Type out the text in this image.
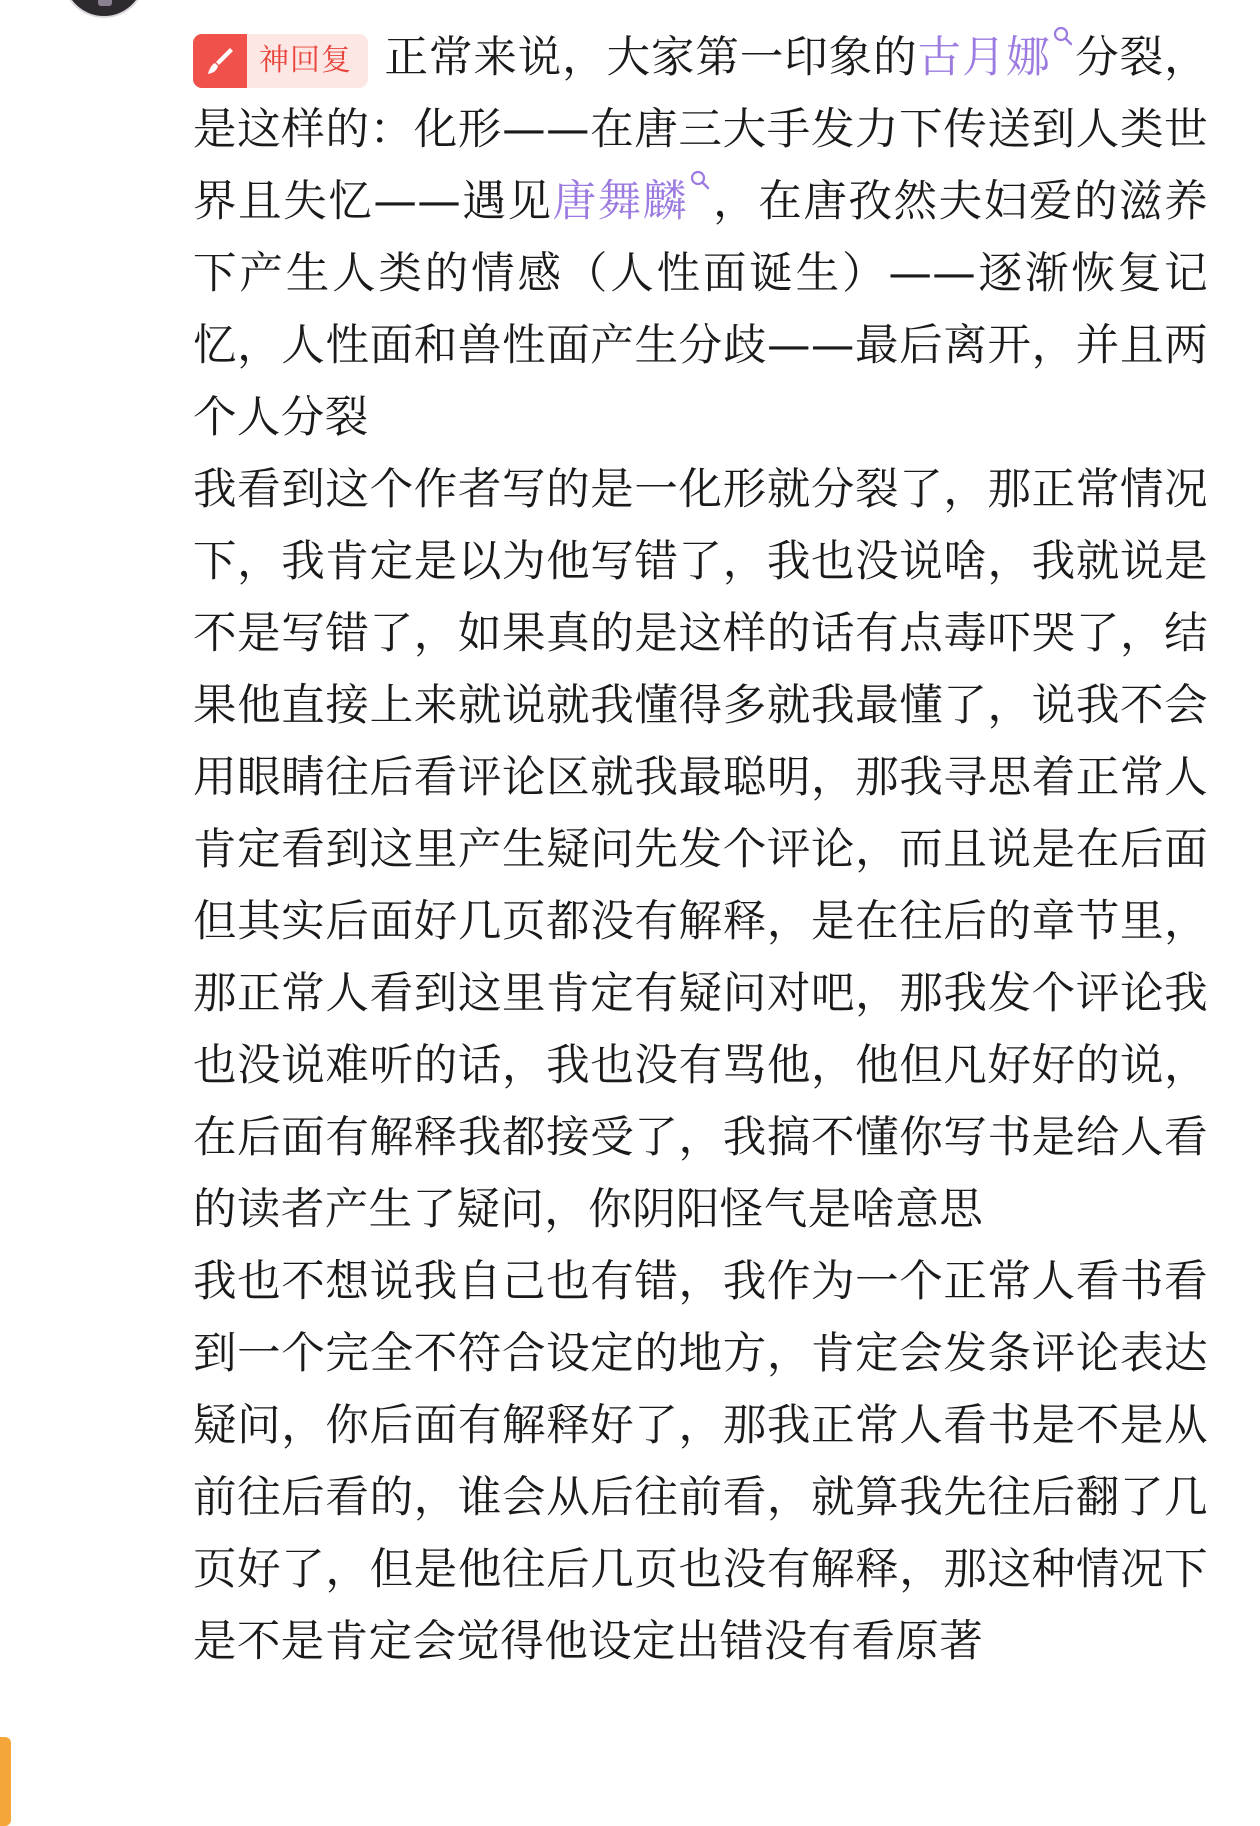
神回复 正常来说，大家第一印象的古月娜 分裂，是这样的：化形——在唐三大手发力下传送到人类世界且失忆——遇见唐舞麟 ，在唐孜然夫妇爱的滋养下产生人类的情感（人性面诞生）——逐渐恢复记忆，人性面和兽性面产生分歧——最后离开，并且两个人分裂

我看到这个作者写的是一化形就分裂了，那正常情况下，我肯定是以为他写错了，我也没说啥，我就说是不是写错了，如果真的是这样的话有点毒吓哭了，结果他直接上来就说就我懂得多就我最懂了，说我不会用眼睛往后看评论区就我最聪明，那我寻思着正常人肯定看到这里产生疑问先发个评论，而且说是在后面但其实后面好几页都没有解释，是在往后的章节里，那正常人看到这里肯定有疑问对吧，那我发个评论我也没说难听的话，我也没有骂他，他但凡好好的说，在后面有解释我都接受了，我搞不懂你写书是给人看的读者产生了疑问，你阴阳怪气是啥意思

我也不想说我自己也有错，我作为一个正常人看书看到一个完全不符合设定的地方，肯定会发条评论表达疑问，你后面有解释好了，那我正常人看书是不是从前往后看的，谁会从后往前看，就算我先往后翻了几页好了，但是他往后几页也没有解释，那这种情况下是不是肯定会觉得他设定出错没有看原著
